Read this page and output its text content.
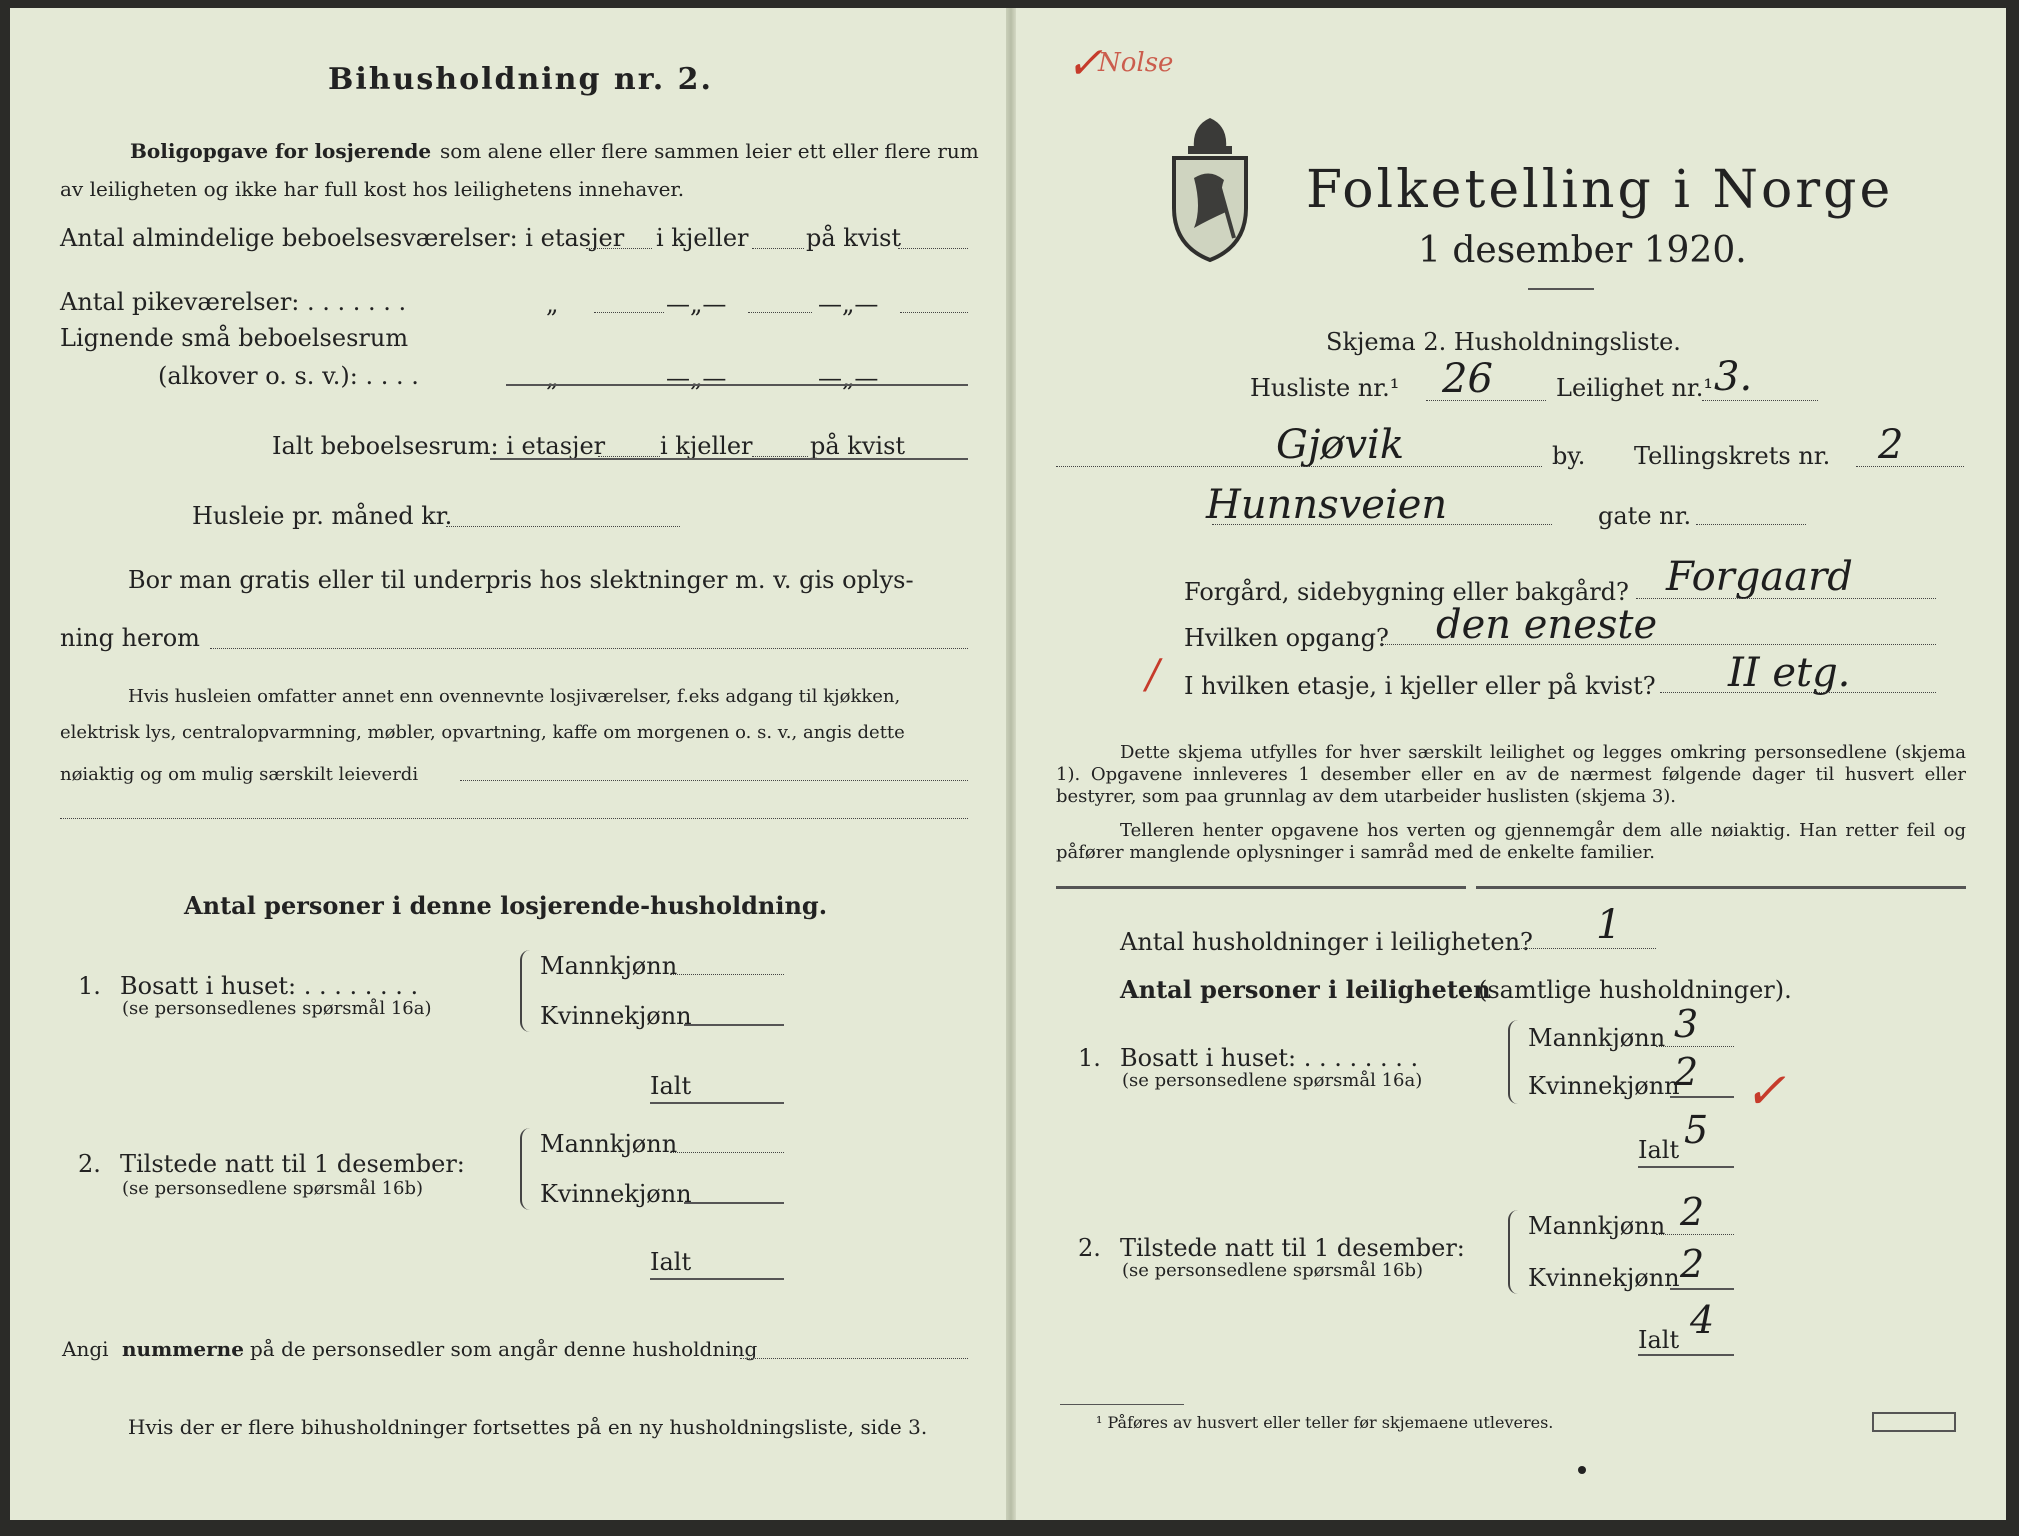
Bihusholdning nr. 2.
Boligopgave for losjerende som alene eller flere sammen leier ett eller flere rum
av leiligheten og ikke har full kost hos leilighetens innehaver.
Antal almindelige beboelsesværelser: i etasjer i kjeller på kvist
Antal pikeværelser: . . . . . . .	„	—„—	—„—
Lignende små beboelsesrum
(alkover o. s. v.): . . . .	„	—„—	—„—
Ialt beboelsesrum: i etasjer i kjeller på kvist
Husleie pr. måned kr.
Bor man gratis eller til underpris hos slektninger m. v. gis oplys-
ning herom
Hvis husleien omfatter annet enn ovennevnte losjiværelser, f.eks adgang til kjøkken,
elektrisk lys, centralopvarmning, møbler, opvartning, kaffe om morgenen o. s. v., angis dette
nøiaktig og om mulig særskilt leieverdi
Antal personer i denne losjerende-husholdning.
1. Bosatt i huset: . . . . . . . .
(se personsedlenes spørsmål 16a)
Mannkjønn
Kvinnekjønn
Ialt
2. Tilstede natt til 1 desember:
(se personsedlene spørsmål 16b)
Mannkjønn
Kvinnekjønn
Ialt
Angi nummerne på de personsedler som angår denne husholdning
Hvis der er flere bihusholdninger fortsettes på en ny husholdningsliste, side 3.
✓
Nolse
Folketelling i Norge
1 desember 1920.
Skjema 2. Husholdningsliste.
Husliste nr.¹ 26	Leilighet nr.¹ 3.
Gjøvik	by. Tellingskrets nr. 2
Hunnsveien	gate nr.
Forgård, sidebygning eller bakgård? Forgaard
Hvilken opgang? den eneste
/ I hvilken etasje, i kjeller eller på kvist? II etg.
Dette skjema utfylles for hver særskilt leilighet og legges omkring personsedlene (skjema 1). Opgavene innleveres 1 desember eller en av de nærmest følgende dager til husvert eller bestyrer, som paa grunnlag av dem utarbeider huslisten (skjema 3).
Telleren henter opgavene hos verten og gjennemgår dem alle nøiaktig. Han retter feil og påfører manglende oplysninger i samråd med de enkelte familier.
Antal husholdninger i leiligheten? 1
Antal personer i leiligheten
(samtlige husholdninger).
1. Bosatt i huset: . . . . . . . .
(se personsedlene spørsmål 16a)
Mannkjønn 3
Kvinnekjønn
2 ✓
Ialt 5
2. Tilstede natt til 1 desember:
(se personsedlene spørsmål 16b)
Mannkjønn 2
Kvinnekjønn 2
Ialt 4
¹ Påføres av husvert eller teller før skjemaene utleveres.
